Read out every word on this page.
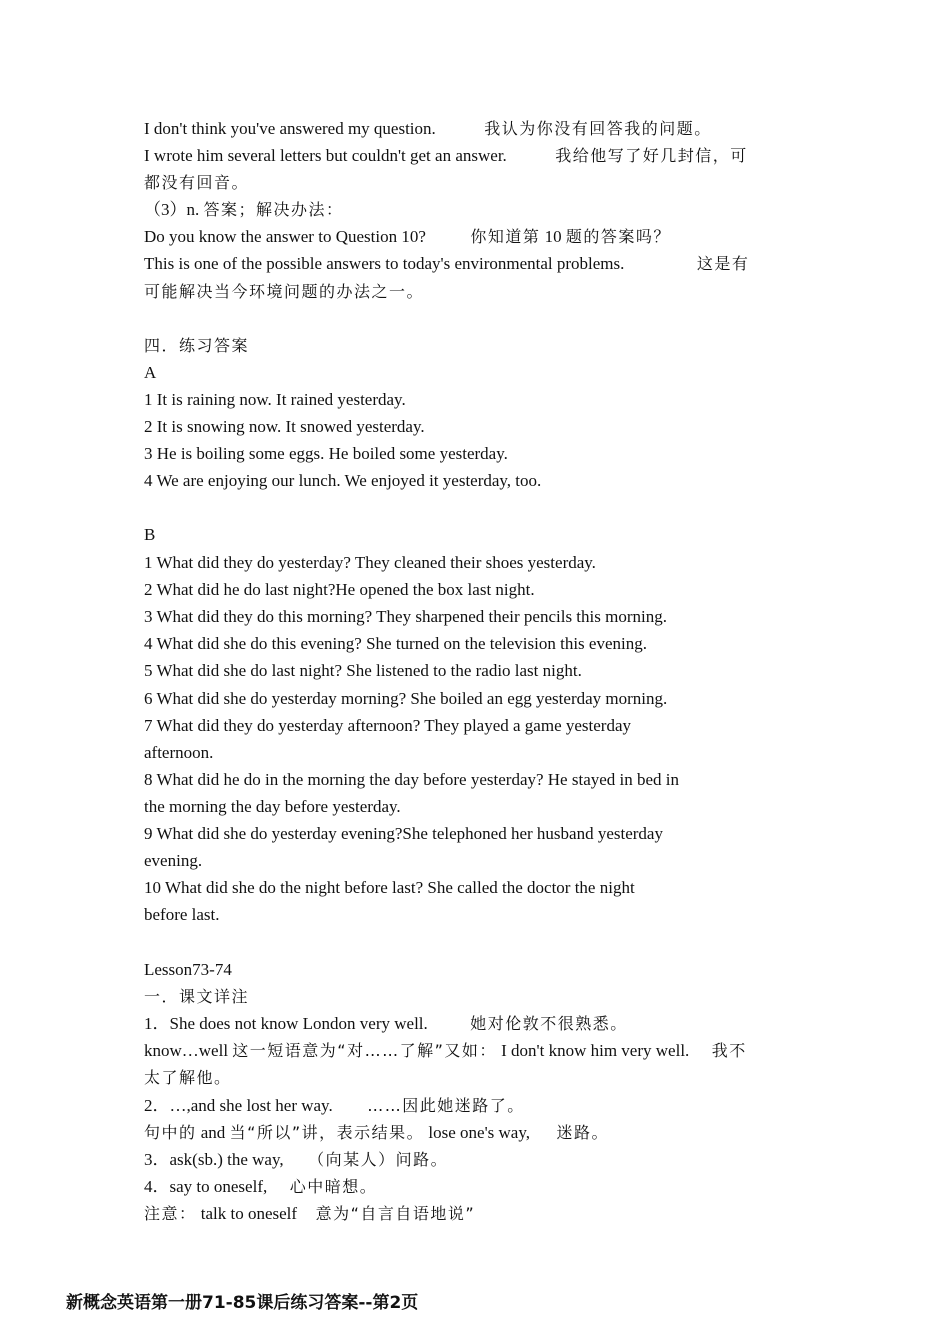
I don't think you've answered my question.	我认为你没有回答我的问题。
I wrote him several letters but couldn't get an answer.	我给他写了好几封信，可
都没有回音。
（3）n. 答案；解决办法：
Do you know the answer to Question 10?	你知道第 10 题的答案吗？
This is one of the possible answers to today's environmental problems.	这是有
可能解决当今环境问题的办法之一。
四．练习答案
A
1 It is raining now. It rained yesterday.
2 It is snowing now. It snowed yesterday.
3 He is boiling some eggs. He boiled some yesterday.
4 We are enjoying our lunch. We enjoyed it yesterday, too.
B
1 What did they do yesterday? They cleaned their shoes yesterday.
2 What did he do last night?He opened the box last night.
3 What did they do this morning? They sharpened their pencils this morning.
4 What did she do this evening? She turned on the television this evening.
5 What did she do last night? She listened to the radio last night.
6 What did she do yesterday morning? She boiled an egg yesterday morning.
7 What did they do yesterday afternoon? They played a game yesterday
afternoon.
8 What did he do in the morning the day before yesterday? He stayed in bed in
the morning the day before yesterday.
9 What did she do yesterday evening?She telephoned her husband yesterday
evening.
10 What did she do the night before last? She called the doctor the night
before last.
Lesson73-74
一．课文详注
1．She does not know London very well.	她对伦敦不很熟悉。
know…well 这一短语意为“对……了解”又如： I don't know him very well. 我不
太了解他。
2．…,and she lost her way. ……因此她迷路了。
句中的 and 当“所以”讲，表示结果。 lose one's way, 迷路。
3．ask(sb.) the way, （向某人）问路。
4．say to oneself, 心中暗想。
注意： talk to oneself 意为“自言自语地说”
新概念英语第一册71-85课后练习答案--第2页
